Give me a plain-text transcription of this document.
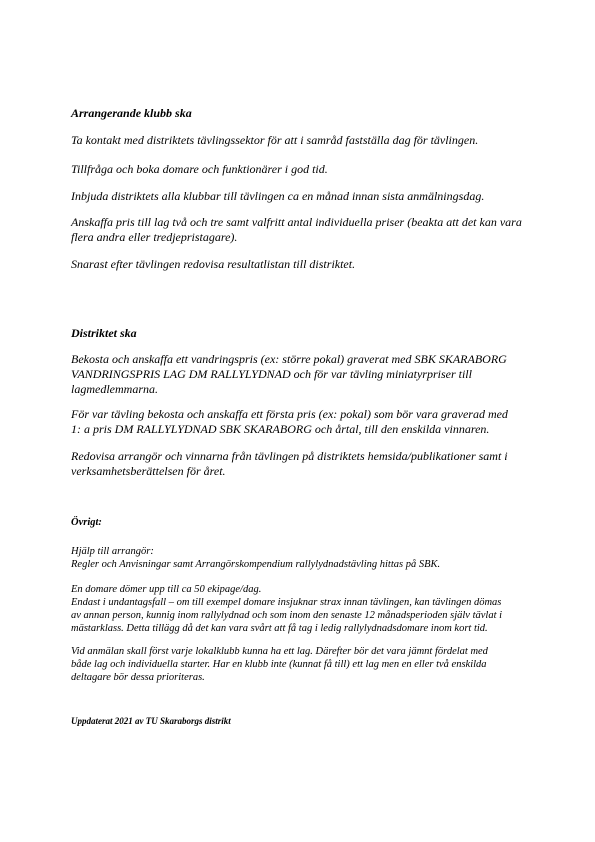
Arrangerande klubb ska

Ta kontakt med distriktets tävlingssektor för att i samråd fastställa dag för tävlingen.

Tillfråga och boka domare och funktionärer i god tid.

Inbjuda distriktets alla klubbar till tävlingen ca en månad innan sista anmälningsdag.

Anskaffa pris till lag två och tre samt valfritt antal individuella priser (beakta att det kan vara
flera andra eller tredjepristagare).

Snarast efter tävlingen redovisa resultatlistan till distriktet.

Distriktet ska

Bekosta och anskaffa ett vandringspris (ex: större pokal) graverat med SBK SKARABORG
VANDRINGSPRIS LAG DM RALLYLYDNAD och för var tävling miniatyrpriser till
lagmedlemmarna.

För var tävling bekosta och anskaffa ett första pris (ex: pokal) som bör vara graverad med
1: a pris DM RALLYLYDNAD SBK SKARABORG och årtal, till den enskilda vinnaren.

Redovisa arrangör och vinnarna från tävlingen på distriktets hemsida/publikationer samt i
verksamhetsberättelsen för året.

Övrigt:

Hjälp till arrangör:
Regler och Anvisningar samt Arrangörskompendium rallylydnadstävling hittas på SBK.

En domare dömer upp till ca 50 ekipage/dag.
Endast i undantagsfall – om till exempel domare insjuknar strax innan tävlingen, kan tävlingen dömas
av annan person, kunnig inom rallylydnad och som inom den senaste 12 månadsperioden själv tävlat i
mästarklass. Detta tillägg då det kan vara svårt att få tag i ledig rallylydnadsdomare inom kort tid.

Vid anmälan skall först varje lokalklubb kunna ha ett lag. Därefter bör det vara jämnt fördelat med
både lag och individuella starter. Har en klubb inte (kunnat få till) ett lag men en eller två enskilda
deltagare bör dessa prioriteras.

Uppdaterat 2021 av TU Skaraborgs distrikt
